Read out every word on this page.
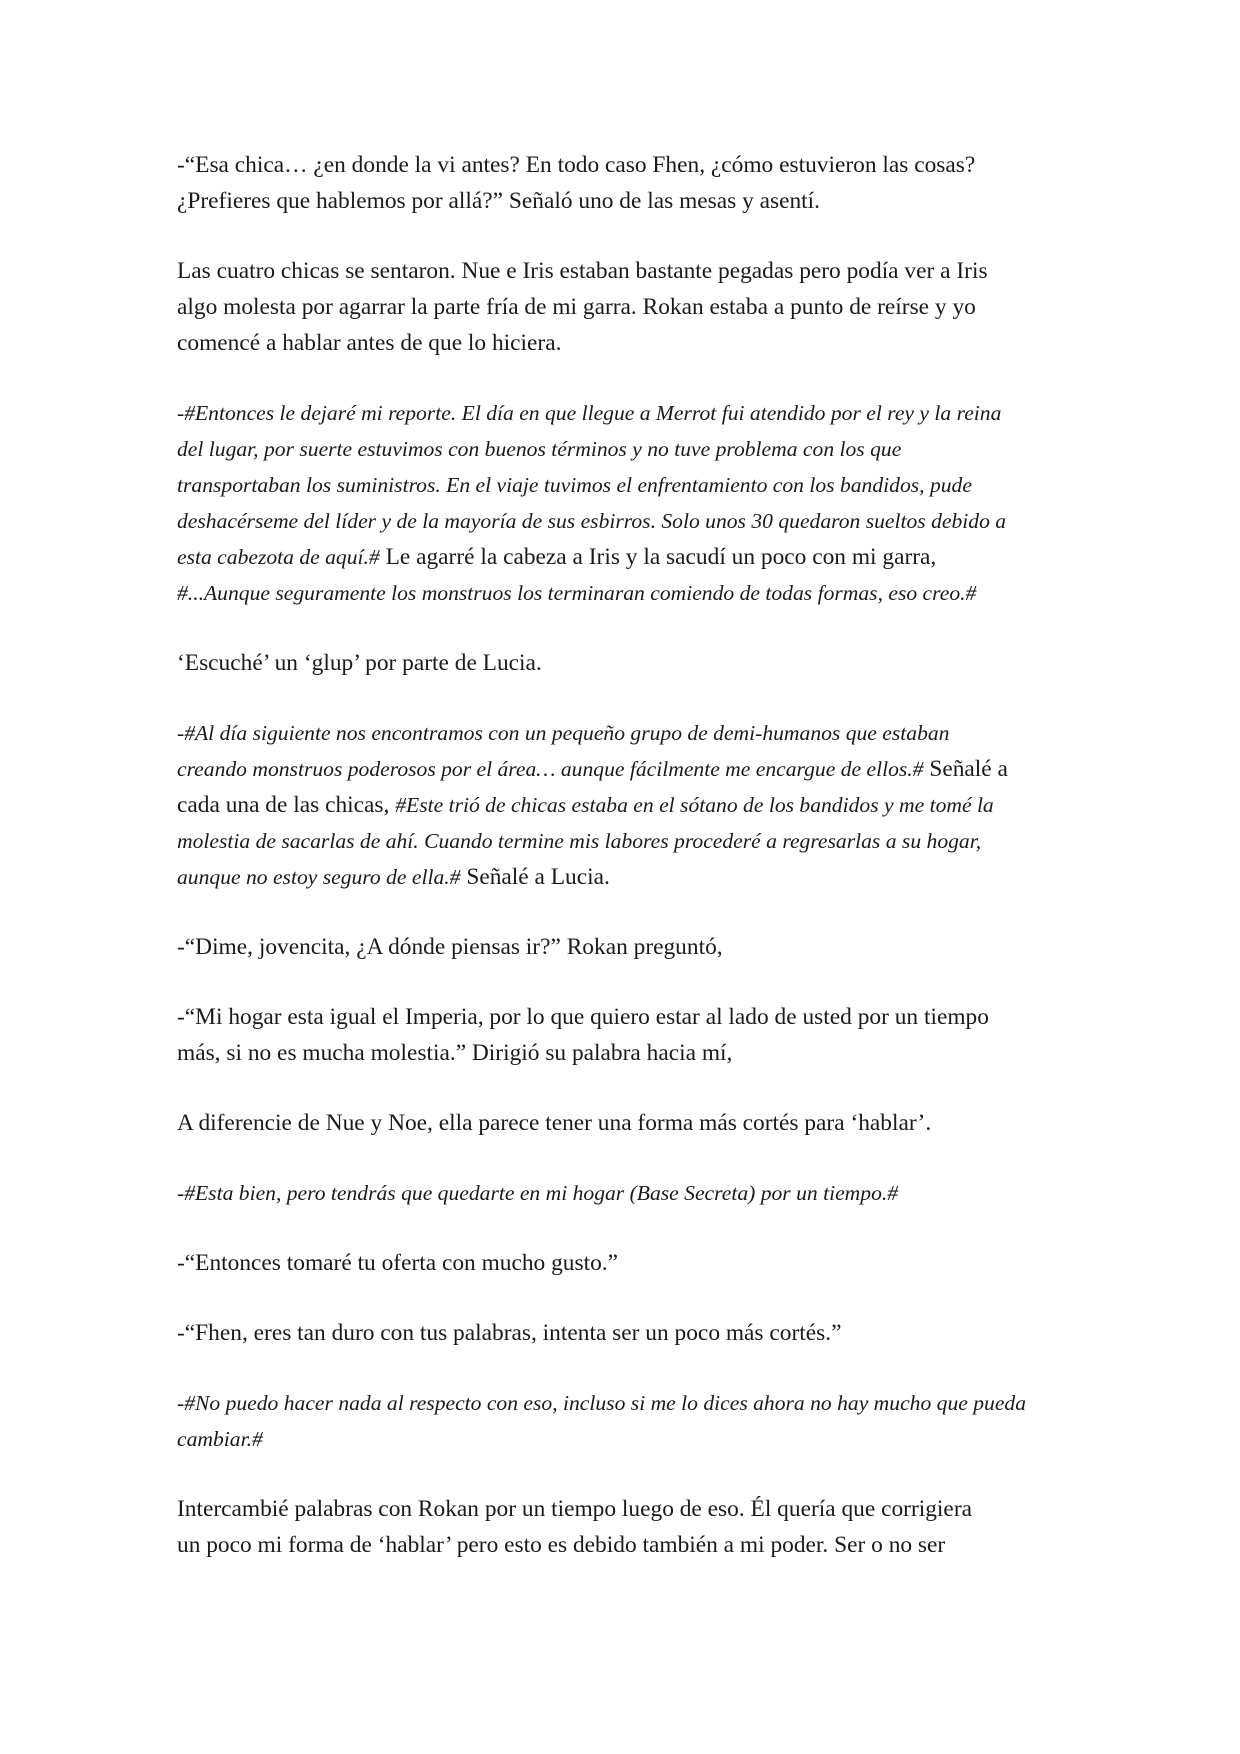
-“Esa chica… ¿en donde la vi antes? En todo caso Fhen, ¿cómo estuvieron las cosas?
¿Prefieres que hablemos por allá?” Señaló uno de las mesas y asentí.

Las cuatro chicas se sentaron. Nue e Iris estaban bastante pegadas pero podía ver a Iris
algo molesta por agarrar la parte fría de mi garra. Rokan estaba a punto de reírse y yo
comencé a hablar antes de que lo hiciera.

-#Entonces le dejaré mi reporte. El día en que llegue a Merrot fui atendido por el rey y la reina
del lugar, por suerte estuvimos con buenos términos y no tuve problema con los que
transportaban los suministros. En el viaje tuvimos el enfrentamiento con los bandidos, pude
deshacérseme del líder y de la mayoría de sus esbirros. Solo unos 30 quedaron sueltos debido a
esta cabezota de aquí.# Le agarré la cabeza a Iris y la sacudí un poco con mi garra,
#...Aunque seguramente los monstruos los terminaran comiendo de todas formas, eso creo.#

‘Escuché’ un ‘glup’ por parte de Lucia.

-#Al día siguiente nos encontramos con un pequeño grupo de demi-humanos que estaban
creando monstruos poderosos por el área… aunque fácilmente me encargue de ellos.# Señalé a
cada una de las chicas, #Este trió de chicas estaba en el sótano de los bandidos y me tomé la
molestia de sacarlas de ahí. Cuando termine mis labores procederé a regresarlas a su hogar,
aunque no estoy seguro de ella.# Señalé a Lucia.

-“Dime, jovencita, ¿A dónde piensas ir?” Rokan preguntó,

-“Mi hogar esta igual el Imperia, por lo que quiero estar al lado de usted por un tiempo
más, si no es mucha molestia.” Dirigió su palabra hacia mí,

A diferencie de Nue y Noe, ella parece tener una forma más cortés para ‘hablar’.

-#Esta bien, pero tendrás que quedarte en mi hogar (Base Secreta) por un tiempo.#

-“Entonces tomaré tu oferta con mucho gusto.”

-“Fhen, eres tan duro con tus palabras, intenta ser un poco más cortés.”

-#No puedo hacer nada al respecto con eso, incluso si me lo dices ahora no hay mucho que pueda
cambiar.#

Intercambié palabras con Rokan por un tiempo luego de eso. Él quería que corrigiera
un poco mi forma de ‘hablar’ pero esto es debido también a mi poder. Ser o no ser
